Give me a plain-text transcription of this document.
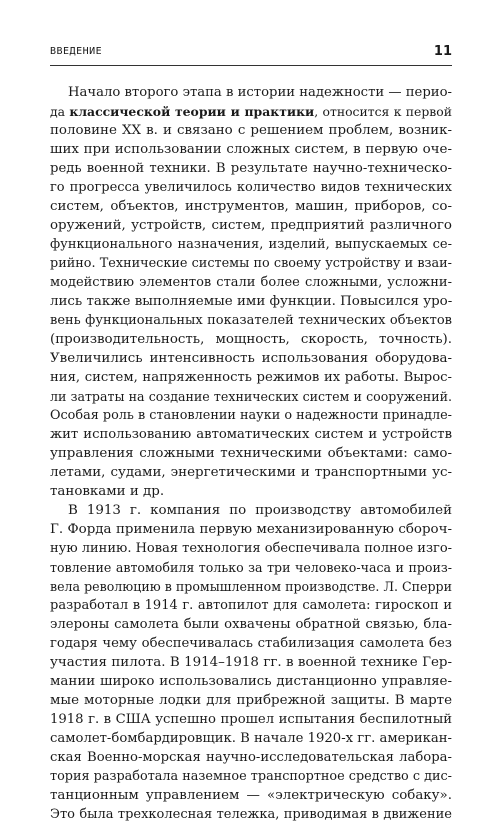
ВВЕДЕНИЕ	11
Начало второго этапа в истории надежности — перио-
да классической теории и практики, относится к первой
половине XX в. и связано с решением проблем, возник-
ших при использовании сложных систем, в первую оче-
редь военной техники. В результате научно-техническо-
го прогресса увеличилось количество видов технических
систем, объектов, инструментов, машин, приборов, со-
оружений, устройств, систем, предприятий различного
функционального назначения, изделий, выпускаемых се-
рийно. Технические системы по своему устройству и взаи-
модействию элементов стали более сложными, усложни-
лись также выполняемые ими функции. Повысился уро-
вень функциональных показателей технических объектов
(производительность, мощность, скорость, точность).
Увеличились интенсивность использования оборудова-
ния, систем, напряженность режимов их работы. Вырос-
ли затраты на создание технических систем и сооружений.
Особая роль в становлении науки о надежности принадле-
жит использованию автоматических систем и устройств
управления сложными техническими объектами: само-
летами, судами, энергетическими и транспортными ус-
тановками и др.
В 1913 г. компания по производству автомобилей
Г. Форда применила первую механизированную сбороч-
ную линию. Новая технология обеспечивала полное изго-
товление автомобиля только за три человеко-часа и произ-
вела революцию в промышленном производстве. Л. Сперри
разработал в 1914 г. автопилот для самолета: гироскоп и
элероны самолета были охвачены обратной связью, бла-
годаря чему обеспечивалась стабилизация самолета без
участия пилота. В 1914–1918 гг. в военной технике Гер-
мании широко использовались дистанционно управляе-
мые моторные лодки для прибрежной защиты. В марте
1918 г. в США успешно прошел испытания беспилотный
самолет-бомбардировщик. В начале 1920-х гг. американ-
ская Военно-морская научно-исследовательская лабора-
тория разработала наземное транспортное средство с дис-
танционным управлением — «электрическую собаку».
Это была трехколесная тележка, приводимая в движение
